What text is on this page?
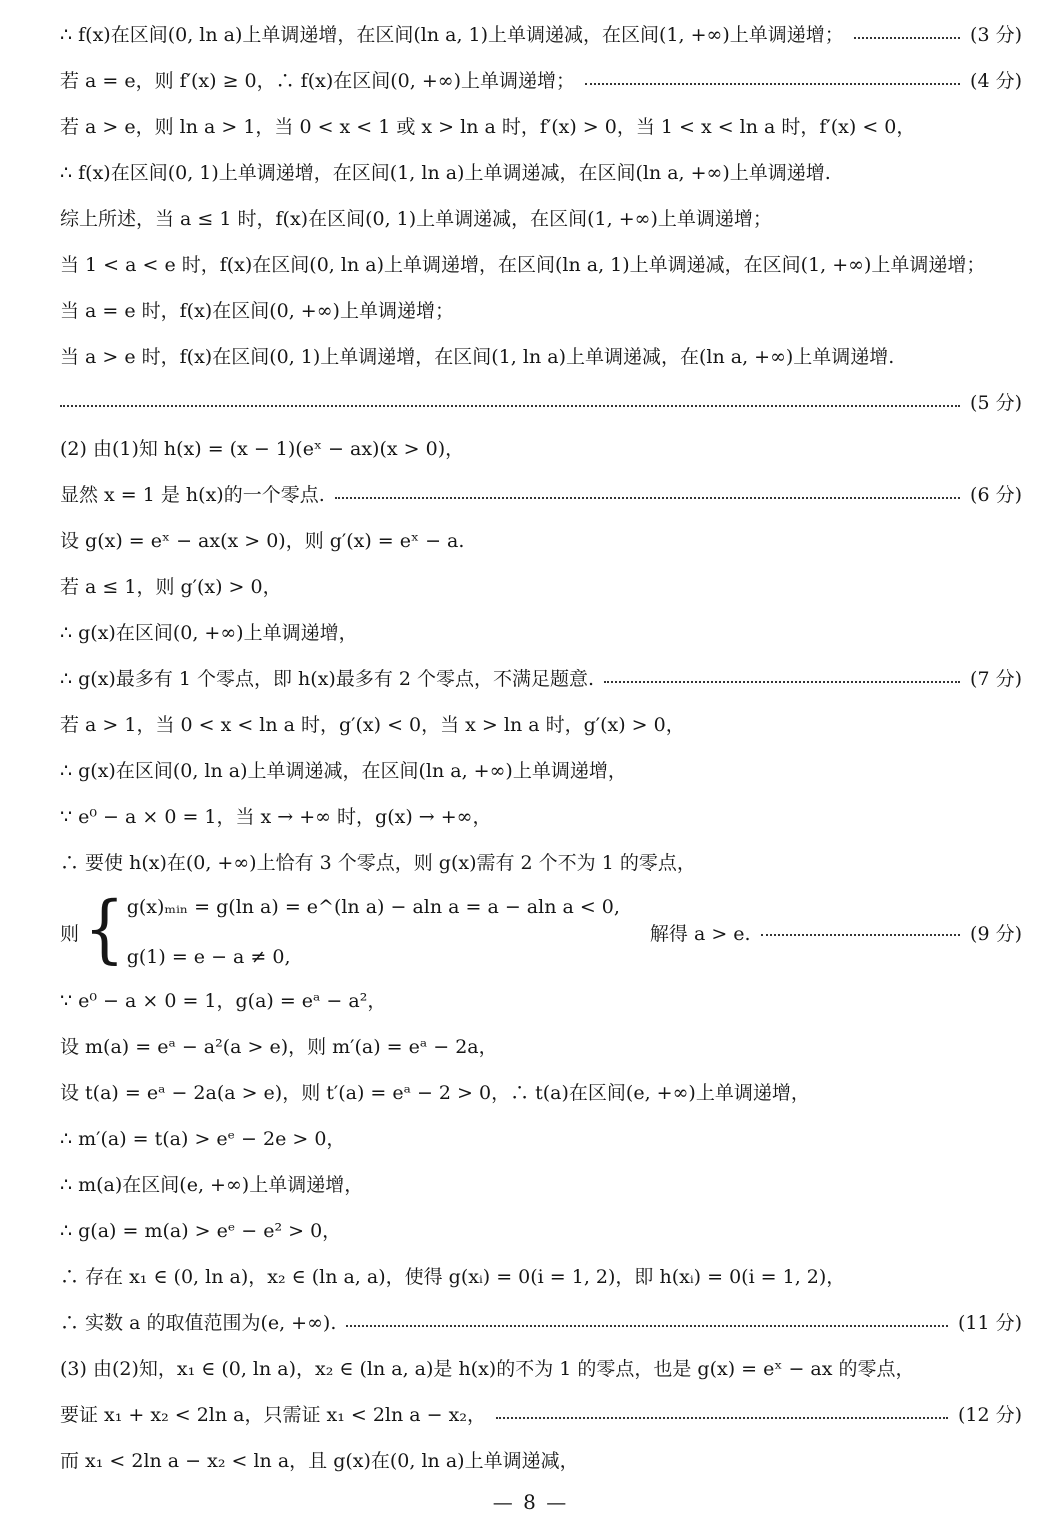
∴ f(x)在区间(0, ln a)上单调递增，在区间(ln a, 1)上单调递减，在区间(1, +∞)上单调递增；	(3 分)
若 a = e，则 f′(x) ≥ 0，∴ f(x)在区间(0, +∞)上单调递增；	(4 分)
若 a > e，则 ln a > 1，当 0 < x < 1 或 x > ln a 时，f′(x) > 0，当 1 < x < ln a 时，f′(x) < 0，
∴ f(x)在区间(0, 1)上单调递增，在区间(1, ln a)上单调递减，在区间(ln a, +∞)上单调递增.
综上所述，当 a ≤ 1 时，f(x)在区间(0, 1)上单调递减，在区间(1, +∞)上单调递增；
当 1 < a < e 时，f(x)在区间(0, ln a)上单调递增，在区间(ln a, 1)上单调递减，在区间(1, +∞)上单调递增；
当 a = e 时，f(x)在区间(0, +∞)上单调递增；
当 a > e 时，f(x)在区间(0, 1)上单调递增，在区间(1, ln a)上单调递减，在(ln a, +∞)上单调递增.
(5 分)
(2) 由(1)知 h(x) = (x − 1)(eˣ − ax)(x > 0)，
显然 x = 1 是 h(x)的一个零点.	(6 分)
设 g(x) = eˣ − ax(x > 0)，则 g′(x) = eˣ − a.
若 a ≤ 1，则 g′(x) > 0，
∴ g(x)在区间(0, +∞)上单调递增，
∴ g(x)最多有 1 个零点，即 h(x)最多有 2 个零点，不满足题意.	(7 分)
若 a > 1，当 0 < x < ln a 时，g′(x) < 0，当 x > ln a 时，g′(x) > 0，
∴ g(x)在区间(0, ln a)上单调递减，在区间(ln a, +∞)上单调递增，
∵ e⁰ − a × 0 = 1，当 x → +∞ 时，g(x) → +∞，
∴ 要使 h(x)在(0, +∞)上恰有 3 个零点，则 g(x)需有 2 个不为 1 的零点，
则 { g(x)ₘᵢₙ = g(ln a) = e^(ln a) − aln a = a − aln a < 0,
g(1) = e − a ≠ 0,
解得 a > e.	(9 分)
∵ e⁰ − a × 0 = 1，g(a) = eᵃ − a²，
设 m(a) = eᵃ − a²(a > e)，则 m′(a) = eᵃ − 2a，
设 t(a) = eᵃ − 2a(a > e)，则 t′(a) = eᵃ − 2 > 0，∴ t(a)在区间(e, +∞)上单调递增，
∴ m′(a) = t(a) > eᵉ − 2e > 0，
∴ m(a)在区间(e, +∞)上单调递增，
∴ g(a) = m(a) > eᵉ − e² > 0，
∴ 存在 x₁ ∈ (0, ln a)，x₂ ∈ (ln a, a)，使得 g(xᵢ) = 0(i = 1, 2)，即 h(xᵢ) = 0(i = 1, 2)，
∴ 实数 a 的取值范围为(e, +∞).	(11 分)
(3) 由(2)知，x₁ ∈ (0, ln a)，x₂ ∈ (ln a, a)是 h(x)的不为 1 的零点，也是 g(x) = eˣ − ax 的零点，
要证 x₁ + x₂ < 2ln a，只需证 x₁ < 2ln a − x₂，	(12 分)
而 x₁ < 2ln a − x₂ < ln a，且 g(x)在(0, ln a)上单调递减，
— 8 —
